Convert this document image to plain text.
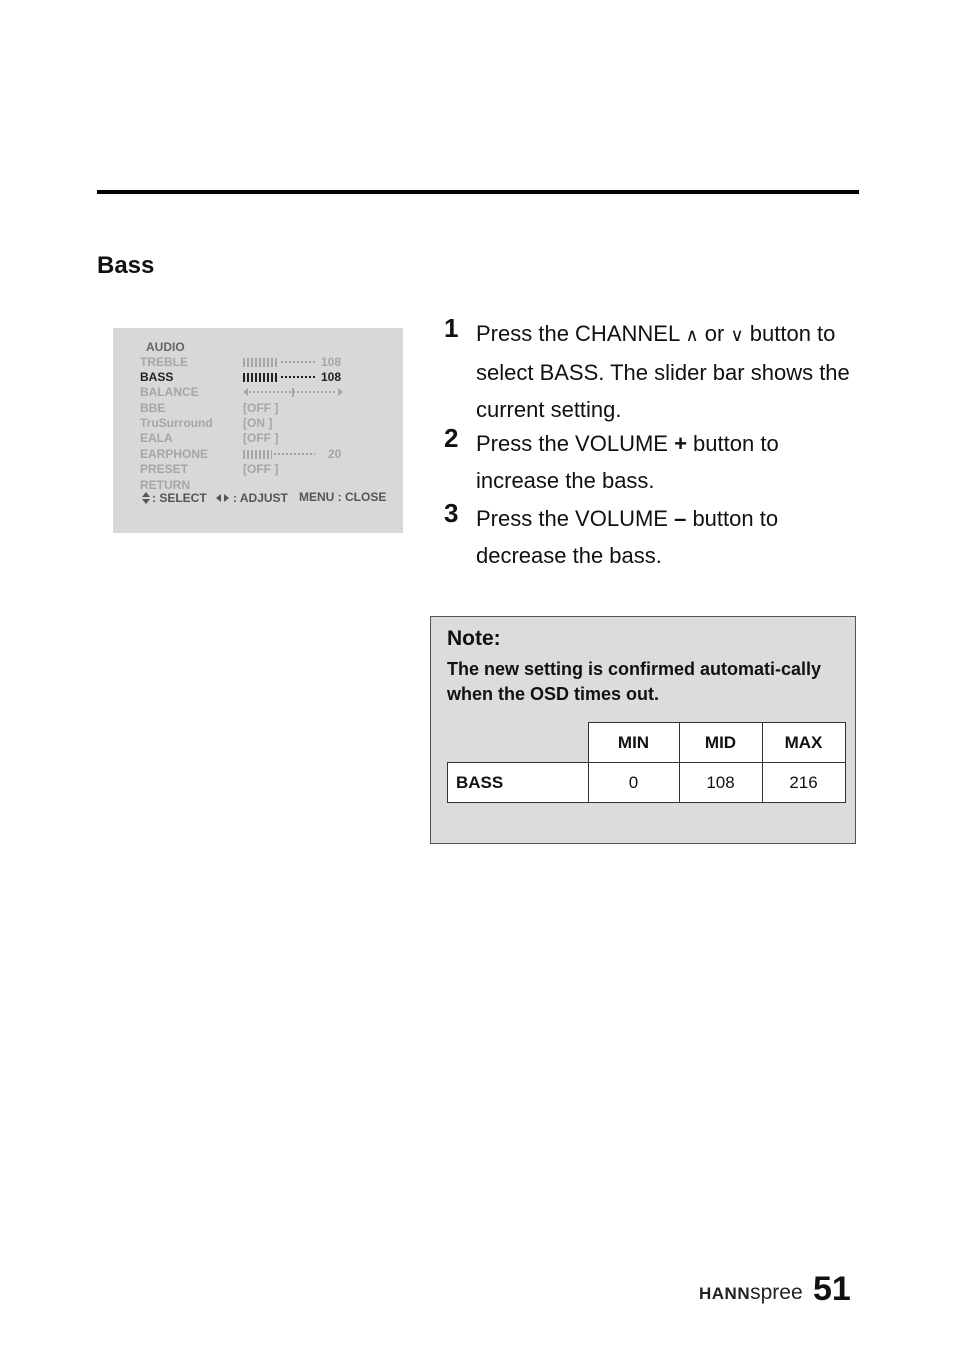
Bass
AUDIO
TREBLE	108
BASS	108
BALANCE
BBE	[OFF ]
TruSurround	[ON ]
EALA	[OFF ]
EARPHONE	20
PRESET	[OFF ]
RETURN
: SELECT	: ADJUST MENU : CLOSE
1 Press the CHANNEL ∧ or ∨ button to select BASS. The slider bar shows the current setting.
2 Press the VOLUME + button to increase the bass.
3 Press the VOLUME – button to decrease the bass.
Note:
The new setting is confirmed automati-cally when the OSD times out.
	MIN	MID	MAX
BASS	0	108	216
HANNspree 51
